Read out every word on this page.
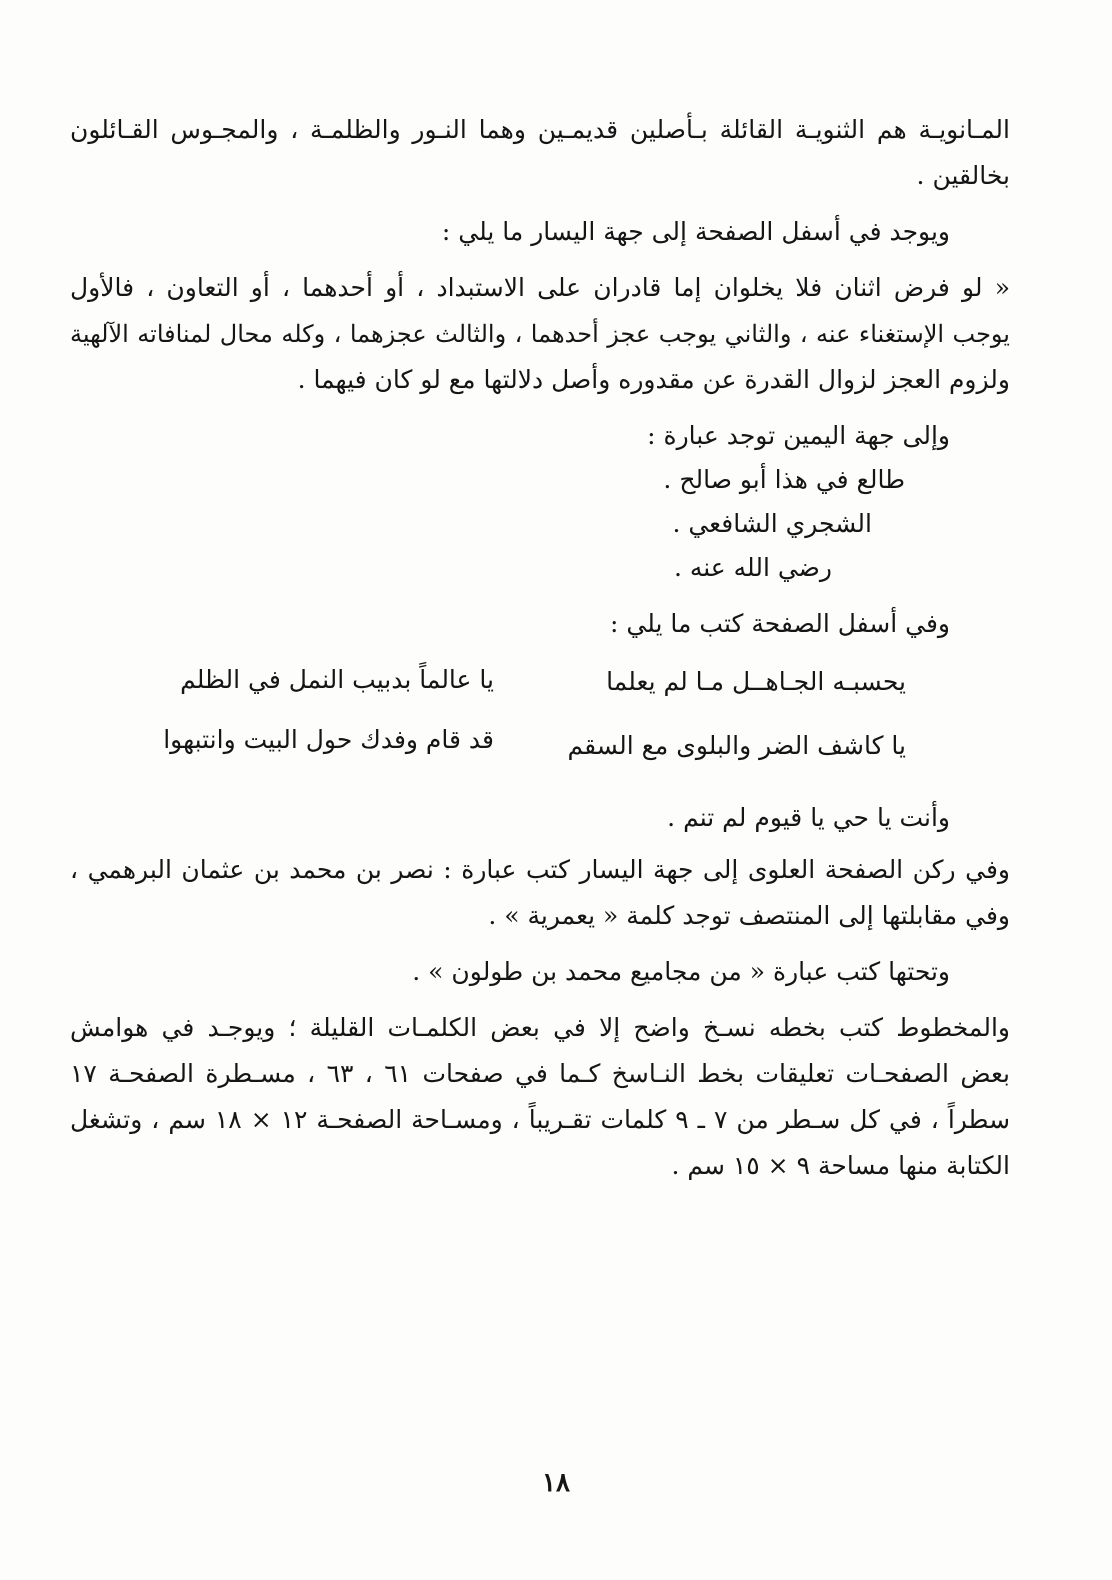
المـانويـة هم الثنويـة القائلة بـأصلين قديمـين وهما النـور والظلمـة ، والمجـوس القـائلون
بخالقين .
ويوجد في أسفل الصفحة إلى جهة اليسار ما يلي :
« لو فرض اثنان فلا يخلوان إما قادران على الاستبداد ، أو أحدهما ، أو التعاون ، فالأول
يوجب الإستغناء عنه ، والثاني يوجب عجز أحدهما ، والثالث عجزهما ، وكله محال لمنافاته الآلهية
ولزوم العجز لزوال القدرة عن مقدوره وأصل دلالتها مع لو كان فيهما .
وإلى جهة اليمين توجد عبارة :
طالع في هذا أبو صالح .
الشجري الشافعي .
رضي الله عنه .
وفي أسفل الصفحة كتب ما يلي :
يحسبـه الجـاهــل مـا لم يعلما
يا عالماً بدبيب النمل في الظلم
يا كاشف الضر والبلوى مع السقم
قد قام وفدك حول البيت وانتبهوا
وأنت يا حي يا قيوم لم تنم .
وفي ركن الصفحة العلوى إلى جهة اليسار كتب عبارة : نصر بن محمد بن عثمان البرهمي ،
وفي مقابلتها إلى المنتصف توجد كلمة « يعمرية » .
وتحتها كتب عبارة « من مجاميع محمد بن طولون » .
والمخطوط كتب بخطه نسـخ واضح إلا في بعض الكلمـات القليلة ؛ ويوجـد في هوامش
بعض الصفحـات تعليقات بخط النـاسخ كـما في صفحات ٦١ ، ٦٣ ، مسـطرة الصفحـة ١٧
سطراً ، في كل سـطر من ٧ ـ ٩ كلمات تقـريباً ، ومسـاحة الصفحـة ١٢ × ١٨ سم ، وتشغل
الكتابة منها مساحة ٩ × ١٥ سم .
١٨
